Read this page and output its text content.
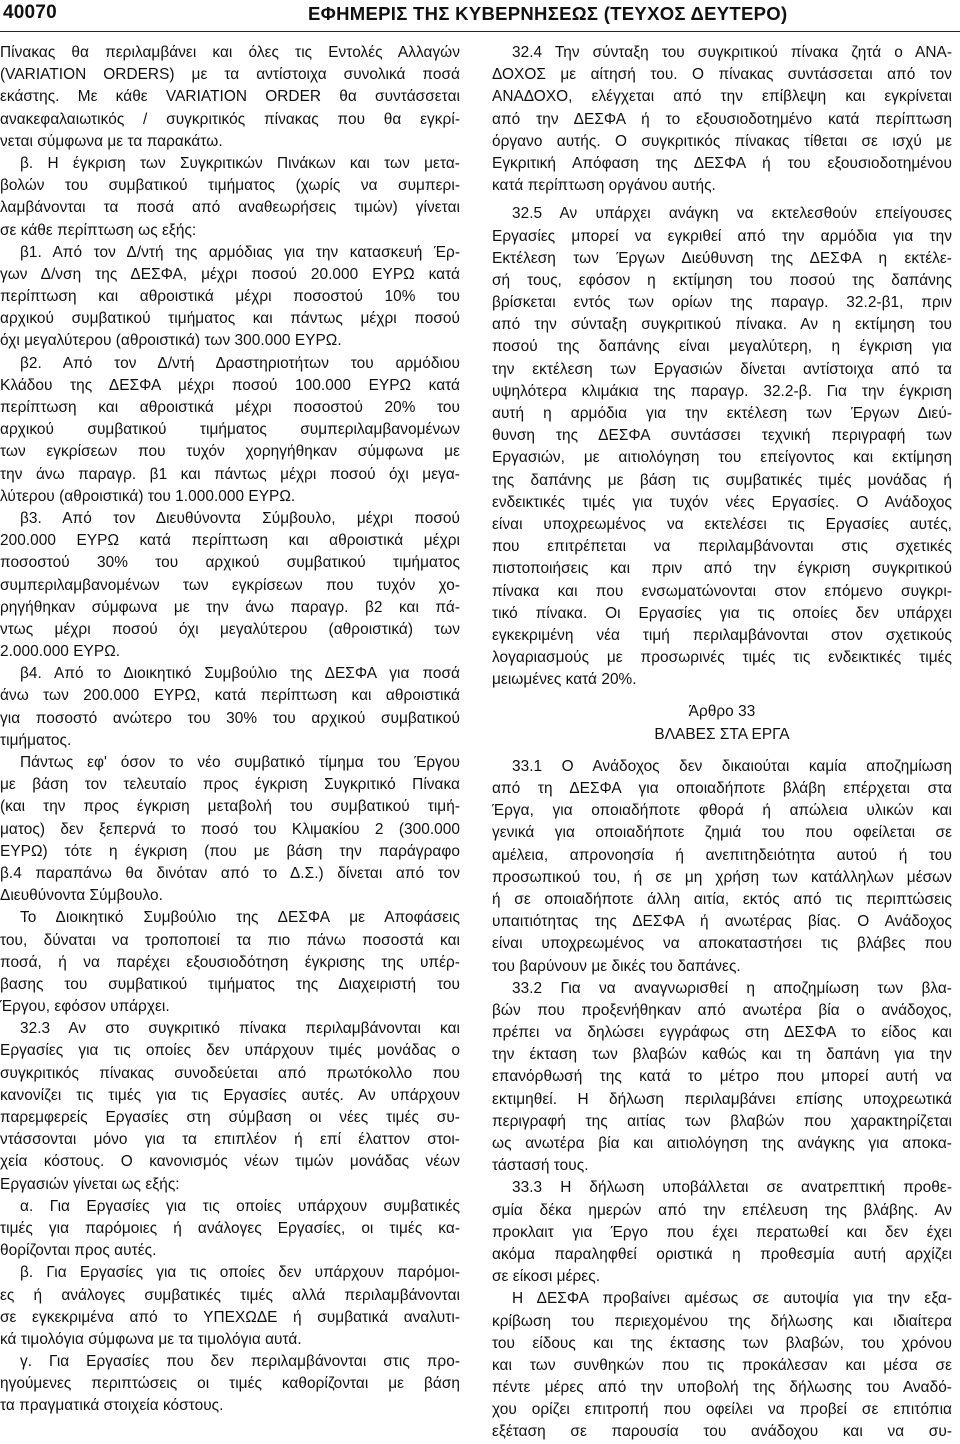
40070	ΕΦΗΜΕΡΙΣ ΤΗΣ ΚΥΒΕΡΝΗΣΕΩΣ (ΤΕΥΧΟΣ ΔΕΥΤΕΡΟ)
Πίνακας θα περιλαμβάνει και όλες τις Εντολές Αλλαγών
(VARIATION ORDERS) με τα αντίστοιχα συνολικά ποσά
εκάστης. Με κάθε VARIATION ORDER θα συντάσσεται
ανακεφαλαιωτικός / συγκριτικός πίνακας που θα εγκρί-
νεται σύμφωνα με τα παρακάτω.
β. Η έγκριση των Συγκριτικών Πινάκων και των μετα-
βολών του συμβατικού τιμήματος (χωρίς να συμπερι-
λαμβάνονται τα ποσά από αναθεωρήσεις τιμών) γίνεται
σε κάθε περίπτωση ως εξής:
β1. Από τον Δ/ντή της αρμόδιας για την κατασκευή Έρ-
γων Δ/νση της ΔΕΣΦΑ, μέχρι ποσού 20.000 ΕΥΡΩ κατά
περίπτωση και αθροιστικά μέχρι ποσοστού 10% του
αρχικού συμβατικού τιμήματος και πάντως μέχρι ποσού
όχι μεγαλύτερου (αθροιστικά) των 300.000 ΕΥΡΩ.
β2. Από τον Δ/ντή Δραστηριοτήτων του αρμόδιου
Κλάδου της ΔΕΣΦΑ μέχρι ποσού 100.000 ΕΥΡΩ κατά
περίπτωση και αθροιστικά μέχρι ποσοστού 20% του
αρχικού συμβατικού τιμήματος συμπεριλαμβανομένων
των εγκρίσεων που τυχόν χορηγήθηκαν σύμφωνα με
την άνω παραγρ. β1 και πάντως μέχρι ποσού όχι μεγα-
λύτερου (αθροιστικά) του 1.000.000 ΕΥΡΩ.
β3. Από τον Διευθύνοντα Σύμβουλο, μέχρι ποσού
200.000 ΕΥΡΩ κατά περίπτωση και αθροιστικά μέχρι
ποσοστού 30% του αρχικού συμβατικού τιμήματος
συμπεριλαμβανομένων των εγκρίσεων που τυχόν χο-
ρηγήθηκαν σύμφωνα με την άνω παραγρ. β2 και πά-
ντως μέχρι ποσού όχι μεγαλύτερου (αθροιστικά) των
2.000.000 ΕΥΡΩ.
β4. Από το Διοικητικό Συμβούλιο της ΔΕΣΦΑ για ποσά
άνω των 200.000 ΕΥΡΩ, κατά περίπτωση και αθροιστικά
για ποσοστό ανώτερο του 30% του αρχικού συμβατικού
τιμήματος.
Πάντως εφ' όσον το νέο συμβατικό τίμημα του Έργου
με βάση τον τελευταίο προς έγκριση Συγκριτικό Πίνακα
(και την προς έγκριση μεταβολή του συμβατικού τιμή-
ματος) δεν ξεπερνά το ποσό του Κλιμακίου 2 (300.000
ΕΥΡΩ) τότε η έγκριση (που με βάση την παράγραφο
β.4 παραπάνω θα δινόταν από το Δ.Σ.) δίνεται από τον
Διευθύνοντα Σύμβουλο.
Το Διοικητικό Συμβούλιο της ΔΕΣΦΑ με Αποφάσεις
του, δύναται να τροποποιεί τα πιο πάνω ποσοστά και
ποσά, ή να παρέχει εξουσιοδότηση έγκρισης της υπέρ-
βασης του συμβατικού τιμήματος της Διαχειριστή του
Έργου, εφόσον υπάρχει.
32.3 Αν στο συγκριτικό πίνακα περιλαμβάνονται και
Εργασίες για τις οποίες δεν υπάρχουν τιμές μονάδας ο
συγκριτικός πίνακας συνοδεύεται από πρωτόκολλο που
κανονίζει τις τιμές για τις Εργασίες αυτές. Αν υπάρχουν
παρεμφερείς Εργασίες στη σύμβαση οι νέες τιμές συ-
ντάσσονται μόνο για τα επιπλέον ή επί έλαττον στοι-
χεία κόστους. Ο κανονισμός νέων τιμών μονάδας νέων
Εργασιών γίνεται ως εξής:
α. Για Εργασίες για τις οποίες υπάρχουν συμβατικές
τιμές για παρόμοιες ή ανάλογες Εργασίες, οι τιμές κα-
θορίζονται προς αυτές.
β. Για Εργασίες για τις οποίες δεν υπάρχουν παρόμοι-
ες ή ανάλογες συμβατικές τιμές αλλά περιλαμβάνονται
σε εγκεκριμένα από το ΥΠΕΧΩΔΕ ή συμβατικά αναλυτι-
κά τιμολόγια σύμφωνα με τα τιμολόγια αυτά.
γ. Για Εργασίες που δεν περιλαμβάνονται στις προ-
ηγούμενες περιπτώσεις οι τιμές καθορίζονται με βάση
τα πραγματικά στοιχεία κόστους.
32.4 Την σύνταξη του συγκριτικού πίνακα ζητά ο ΑΝΑ-
ΔΟΧΟΣ με αίτησή του. Ο πίνακας συντάσσεται από τον
ΑΝΑΔΟΧΟ, ελέγχεται από την επίβλεψη και εγκρίνεται
από την ΔΕΣΦΑ ή το εξουσιοδοτημένο κατά περίπτωση
όργανο αυτής. Ο συγκριτικός πίνακας τίθεται σε ισχύ με
Εγκριτική Απόφαση της ΔΕΣΦΑ ή του εξουσιοδοτημένου
κατά περίπτωση οργάνου αυτής.
32.5 Αν υπάρχει ανάγκη να εκτελεσθούν επείγουσες
Εργασίες μπορεί να εγκριθεί από την αρμόδια για την
Εκτέλεση των Έργων Διεύθυνση της ΔΕΣΦΑ η εκτέλε-
σή τους, εφόσον η εκτίμηση του ποσού της δαπάνης
βρίσκεται εντός των ορίων της παραγρ. 32.2-β1, πριν
από την σύνταξη συγκριτικού πίνακα. Αν η εκτίμηση του
ποσού της δαπάνης είναι μεγαλύτερη, η έγκριση για
την εκτέλεση των Εργασιών δίνεται αντίστοιχα από τα
υψηλότερα κλιμάκια της παραγρ. 32.2-β. Για την έγκριση
αυτή η αρμόδια για την εκτέλεση των Έργων Διεύ-
θυνση της ΔΕΣΦΑ συντάσσει τεχνική περιγραφή των
Εργασιών, με αιτιολόγηση του επείγοντος και εκτίμηση
της δαπάνης με βάση τις συμβατικές τιμές μονάδας ή
ενδεικτικές τιμές για τυχόν νέες Εργασίες. Ο Ανάδοχος
είναι υποχρεωμένος να εκτελέσει τις Εργασίες αυτές,
που επιτρέπεται να περιλαμβάνονται στις σχετικές
πιστοποιήσεις και πριν από την έγκριση συγκριτικού
πίνακα και που ενσωματώνονται στον επόμενο συγκρι-
τικό πίνακα. Οι Εργασίες για τις οποίες δεν υπάρχει
εγκεκριμένη νέα τιμή περιλαμβάνονται στον σχετικούς
λογαριασμούς με προσωρινές τιμές τις ενδεικτικές τιμές
μειωμένες κατά 20%.
Άρθρο 33
ΒΛΑΒΕΣ ΣΤΑ ΕΡΓΑ
33.1 Ο Ανάδοχος δεν δικαιούται καμία αποζημίωση
από τη ΔΕΣΦΑ για οποιαδήποτε βλάβη επέρχεται στα
Έργα, για οποιαδήποτε φθορά ή απώλεια υλικών και
γενικά για οποιαδήποτε ζημιά του που οφείλεται σε
αμέλεια, απρονοησία ή ανεπιτηδειότητα αυτού ή του
προσωπικού του, ή σε μη χρήση των κατάλληλων μέσων
ή σε οποιαδήποτε άλλη αιτία, εκτός από τις περιπτώσεις
υπαιτιότητας της ΔΕΣΦΑ ή ανωτέρας βίας. Ο Ανάδοχος
είναι υποχρεωμένος να αποκαταστήσει τις βλάβες που
του βαρύνουν με δικές του δαπάνες.
33.2 Για να αναγνωρισθεί η αποζημίωση των βλα-
βών που προξενήθηκαν από ανωτέρα βία ο ανάδοχος,
πρέπει να δηλώσει εγγράφως στη ΔΕΣΦΑ το είδος και
την έκταση των βλαβών καθώς και τη δαπάνη για την
επανόρθωσή της κατά το μέτρο που μπορεί αυτή να
εκτιμηθεί. Η δήλωση περιλαμβάνει επίσης υποχρεωτικά
περιγραφή της αιτίας των βλαβών που χαρακτηρίζεται
ως ανωτέρα βία και αιτιολόγηση της ανάγκης για αποκα-
τάστασή τους.
33.3 Η δήλωση υποβάλλεται σε ανατρεπτική προθε-
σμία δέκα ημερών από την επέλευση της βλάβης. Αν
προκλαιτ για Έργο που έχει περατωθεί και δεν έχει
ακόμα παραληφθεί οριστικά η προθεσμία αυτή αρχίζει
σε είκοσι μέρες.
Η ΔΕΣΦΑ προβαίνει αμέσως σε αυτοψία για την εξα-
κρίβωση του περιεχομένου της δήλωσης και ιδιαίτερα
του είδους και της έκτασης των βλαβών, του χρόνου
και των συνθηκών που τις προκάλεσαν και μέσα σε
πέντε μέρες από την υποβολή της δήλωσης του Αναδό-
χου ορίζει επιτροπή που οφείλει να προβεί σε επιτόπια
εξέταση σε παρουσία του ανάδοχου και να συ-
